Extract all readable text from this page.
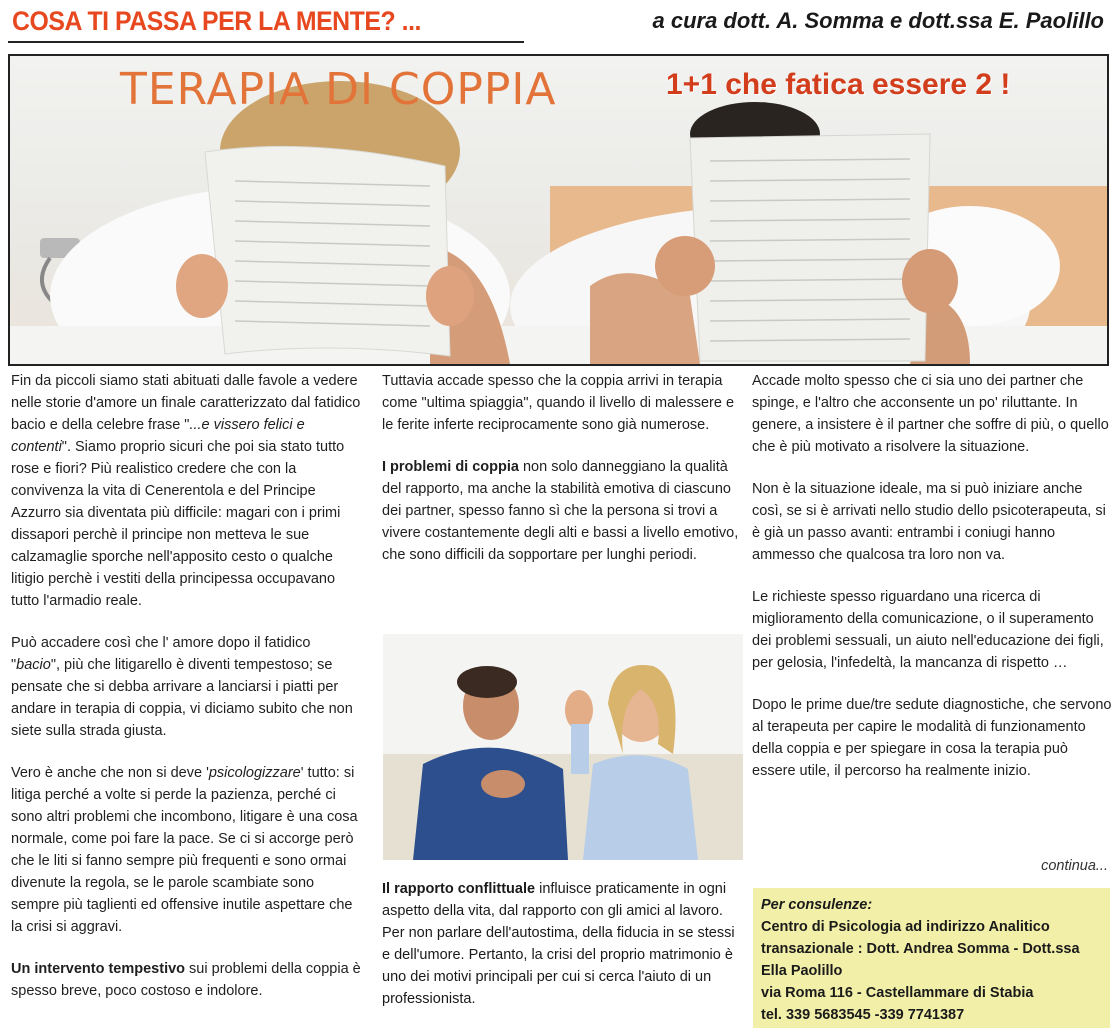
COSA TI PASSA PER LA MENTE? ...	a cura dott. A. Somma e dott.ssa E. Paolillo
TERAPIA DI COPPIA	1+1 che fatica essere 2 !

Fin da piccoli siamo stati abituati dalle favole a vedere nelle storie d'amore un finale caratterizzato dal fatidico bacio e della celebre frase "...e vissero felici e contenti". Siamo proprio sicuri che poi sia stato tutto rose e fiori? Più realistico credere che con la convivenza la vita di Cenerentola e del Principe Azzurro sia diventata più difficile: magari con i primi dissapori perchè il principe non metteva le sue calzamaglie sporche nell'apposito cesto o qualche litigio perchè i vestiti della principessa occupavano tutto l'armadio reale.

Può accadere così che l' amore dopo il fatidico "bacio", più che litigarello è diventi tempestoso; se pensate che si debba arrivare a lanciarsi i piatti per andare in terapia di coppia, vi diciamo subito che non siete sulla strada giusta.

Vero è anche che non si deve 'psicologizzare' tutto: si litiga perché a volte si perde la pazienza, perché ci sono altri problemi che incombono, litigare è una cosa normale, come poi fare la pace. Se ci si accorge però che le liti si fanno sempre più frequenti e sono ormai divenute la regola, se le parole scambiate sono sempre più taglienti ed offensive inutile aspettare che la crisi si aggravi.

Un intervento tempestivo sui problemi della coppia è spesso breve, poco costoso e indolore.

Tuttavia accade spesso che la coppia arrivi in terapia come "ultima spiaggia", quando il livello di malessere e le ferite inferte reciprocamente sono già numerose.

I problemi di coppia non solo danneggiano la qualità del rapporto, ma anche la stabilità emotiva di ciascuno dei partner, spesso fanno sì che la persona si trovi a vivere costantemente degli alti e bassi a livello emotivo, che sono difficili da sopportare per lunghi periodi.

Il rapporto conflittuale influisce praticamente in ogni aspetto della vita, dal rapporto con gli amici al lavoro. Per non parlare dell'autostima, della fiducia in se stessi e dell'umore. Pertanto, la crisi del proprio matrimonio è uno dei motivi principali per cui si cerca l'aiuto di un professionista.

Accade molto spesso che ci sia uno dei partner che spinge, e l'altro che acconsente un po' riluttante. In genere, a insistere è il partner che soffre di più, o quello che è più motivato a risolvere la situazione.

Non è la situazione ideale, ma si può iniziare anche così, se si è arrivati nello studio dello psicoterapeuta, si è già un passo avanti: entrambi i coniugi hanno ammesso che qualcosa tra loro non va.

Le richieste spesso riguardano una ricerca di miglioramento della comunicazione, o il superamento dei problemi sessuali, un aiuto nell'educazione dei figli, per gelosia, l'infedeltà, la mancanza di rispetto …

Dopo le prime due/tre sedute diagnostiche, che servono al terapeuta per capire le modalità di funzionamento della coppia e per spiegare in cosa la terapia può essere utile, il percorso ha realmente inizio.

continua...
Per consulenze:
Centro di Psicologia ad indirizzo Analitico transazionale : Dott. Andrea Somma - Dott.ssa Ella Paolillo
via Roma 116 - Castellammare di Stabia
tel. 339 5683545 -339 7741387
